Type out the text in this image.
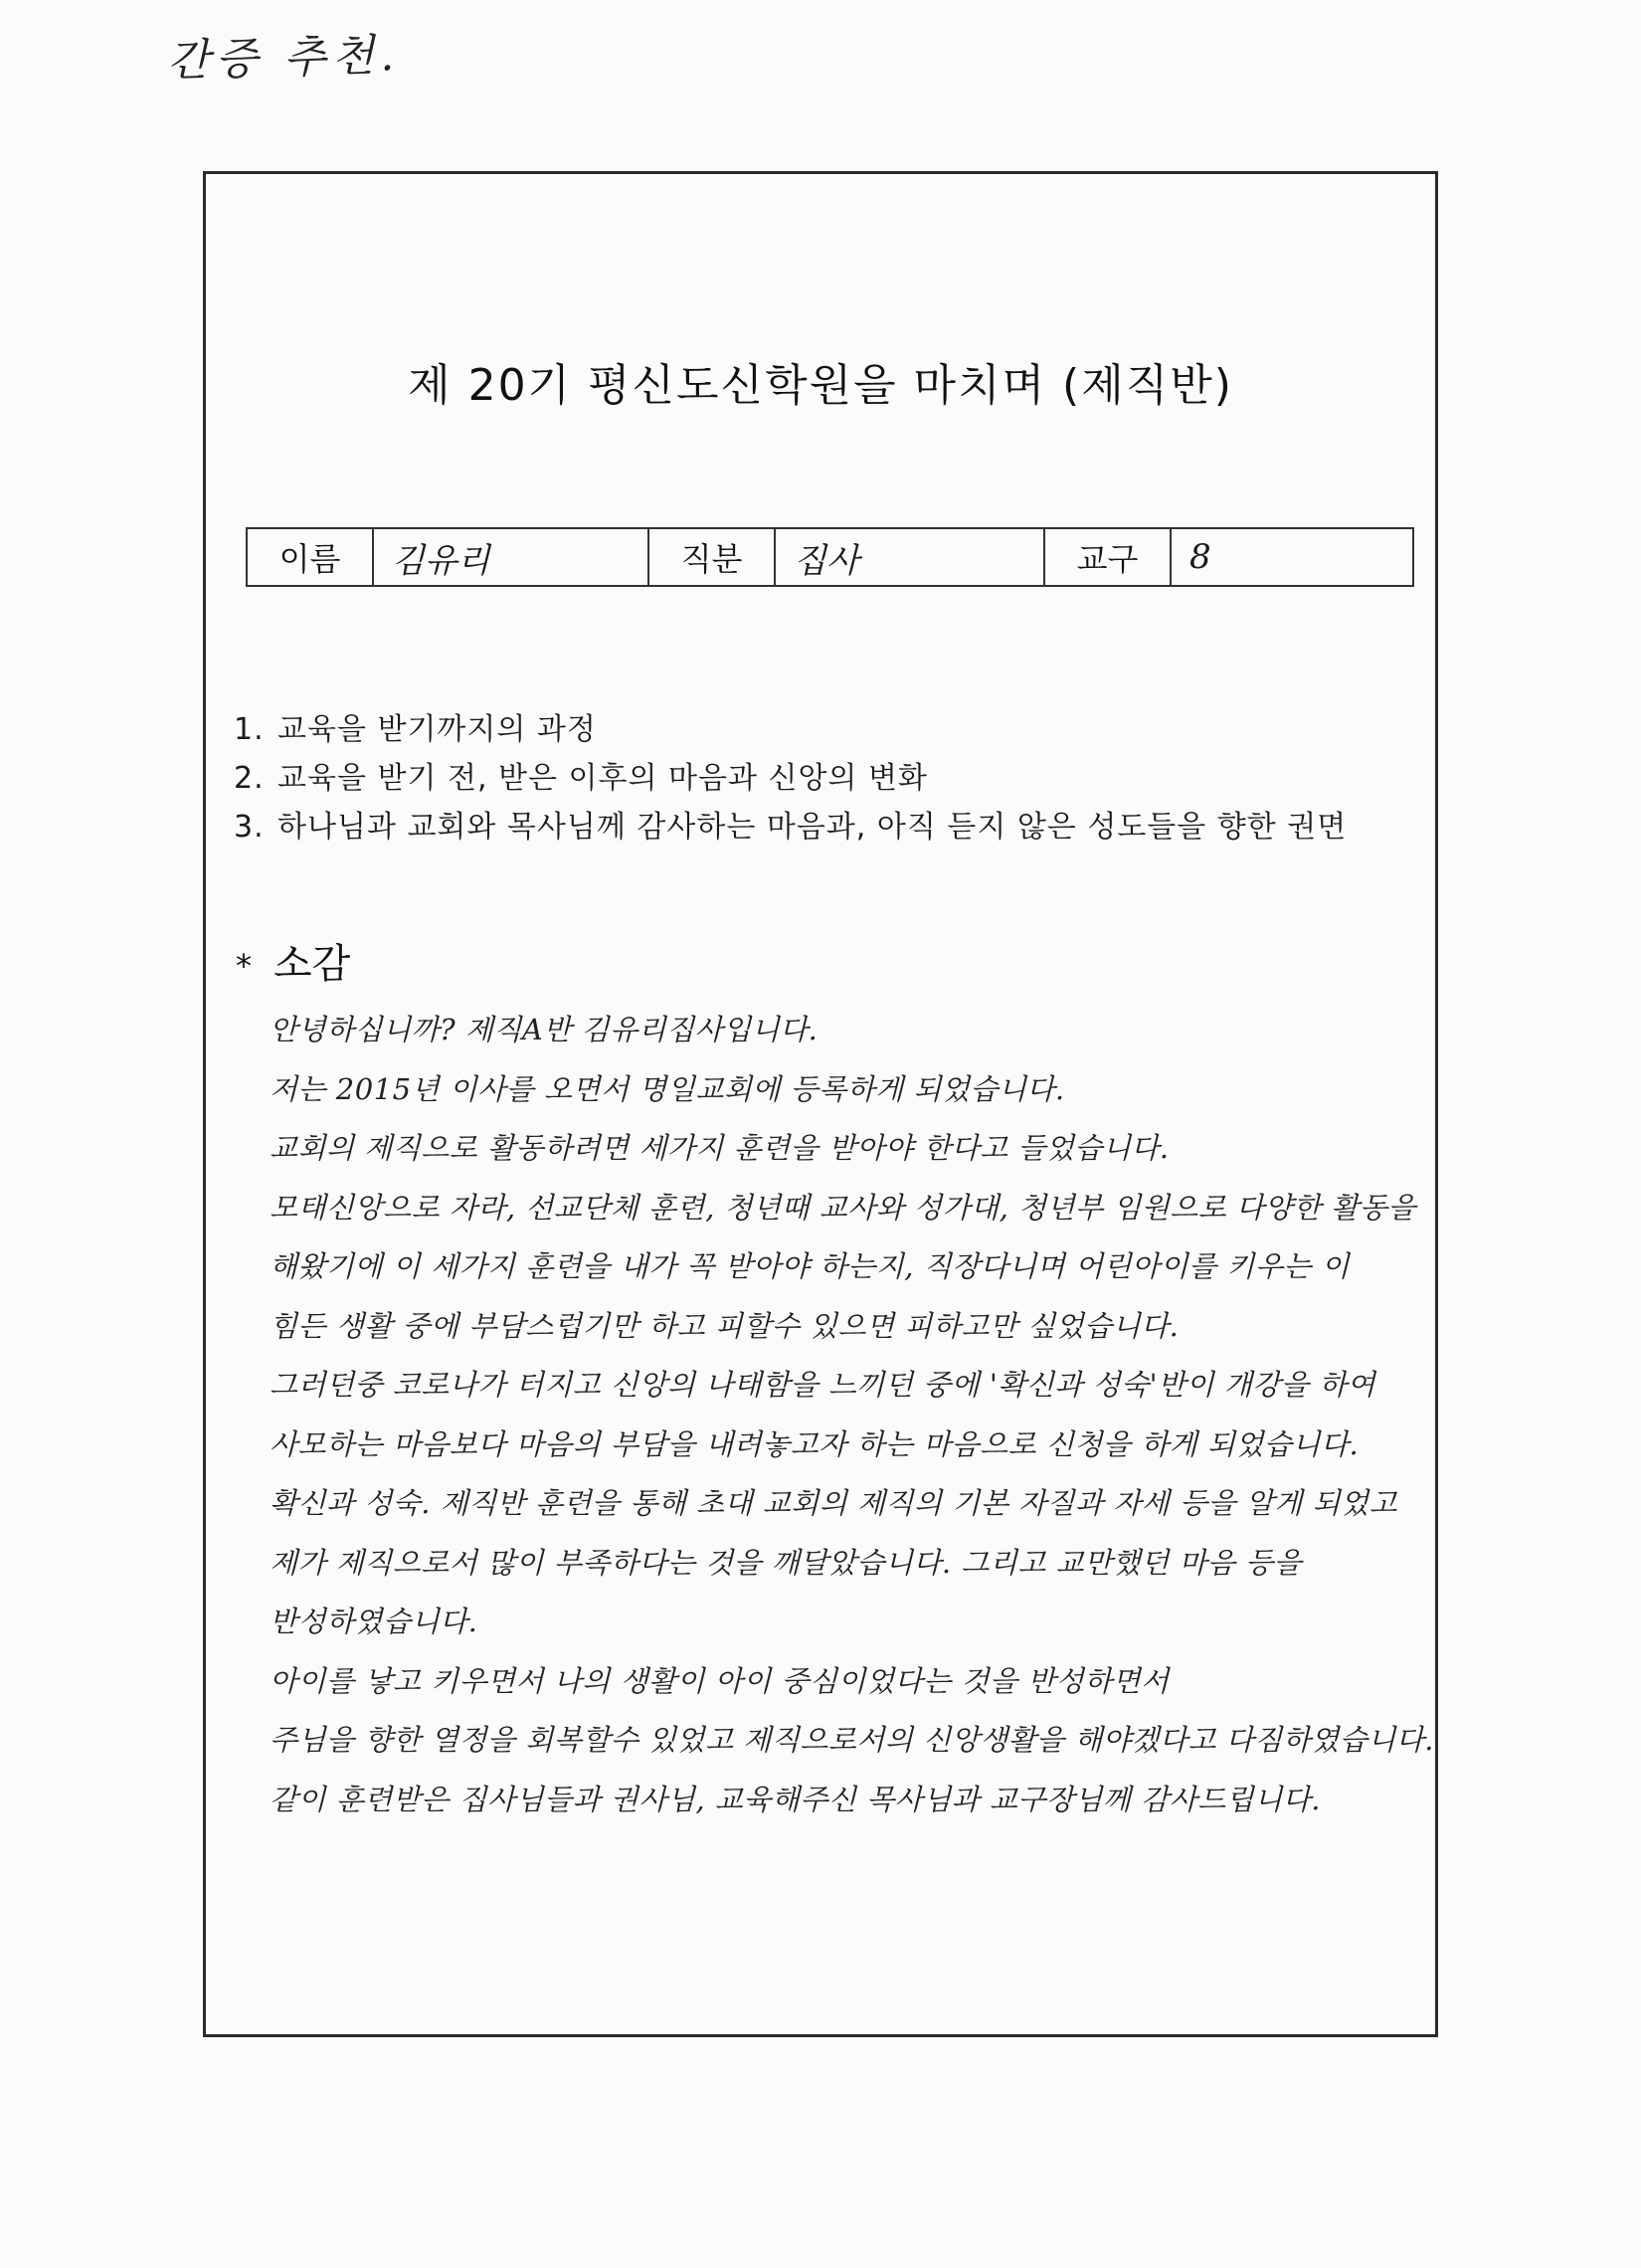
간증 추천.
제 20기 평신도신학원을 마치며 (제직반)
이름	김유리	직분	집사	교구	8
1. 교육을 받기까지의 과정
2. 교육을 받기 전, 받은 이후의 마음과 신앙의 변화
3. 하나님과 교회와 목사님께 감사하는 마음과, 아직 듣지 않은 성도들을 향한 권면
* 소감
안녕하십니까? 제직A반 김유리집사입니다.
저는 2015년 이사를 오면서 명일교회에 등록하게 되었습니다.
교회의 제직으로 활동하려면 세가지 훈련을 받아야 한다고 들었습니다.
모태신앙으로 자라, 선교단체 훈련, 청년때 교사와 성가대, 청년부 임원으로 다양한 활동을
해왔기에 이 세가지 훈련을 내가 꼭 받아야 하는지, 직장다니며 어린아이를 키우는 이
힘든 생활 중에 부담스럽기만 하고 피할수 있으면 피하고만 싶었습니다.
그러던중 코로나가 터지고 신앙의 나태함을 느끼던 중에 '확신과 성숙'반이 개강을 하여
사모하는 마음보다 마음의 부담을 내려놓고자 하는 마음으로 신청을 하게 되었습니다.
확신과 성숙. 제직반 훈련을 통해 초대 교회의 제직의 기본 자질과 자세 등을 알게 되었고
제가 제직으로서 많이 부족하다는 것을 깨달았습니다. 그리고 교만했던 마음 등을
반성하였습니다.
아이를 낳고 키우면서 나의 생활이 아이 중심이었다는 것을 반성하면서
주님을 향한 열정을 회복할수 있었고 제직으로서의 신앙생활을 해야겠다고 다짐하였습니다.
같이 훈련받은 집사님들과 권사님, 교육해주신 목사님과 교구장님께 감사드립니다.
